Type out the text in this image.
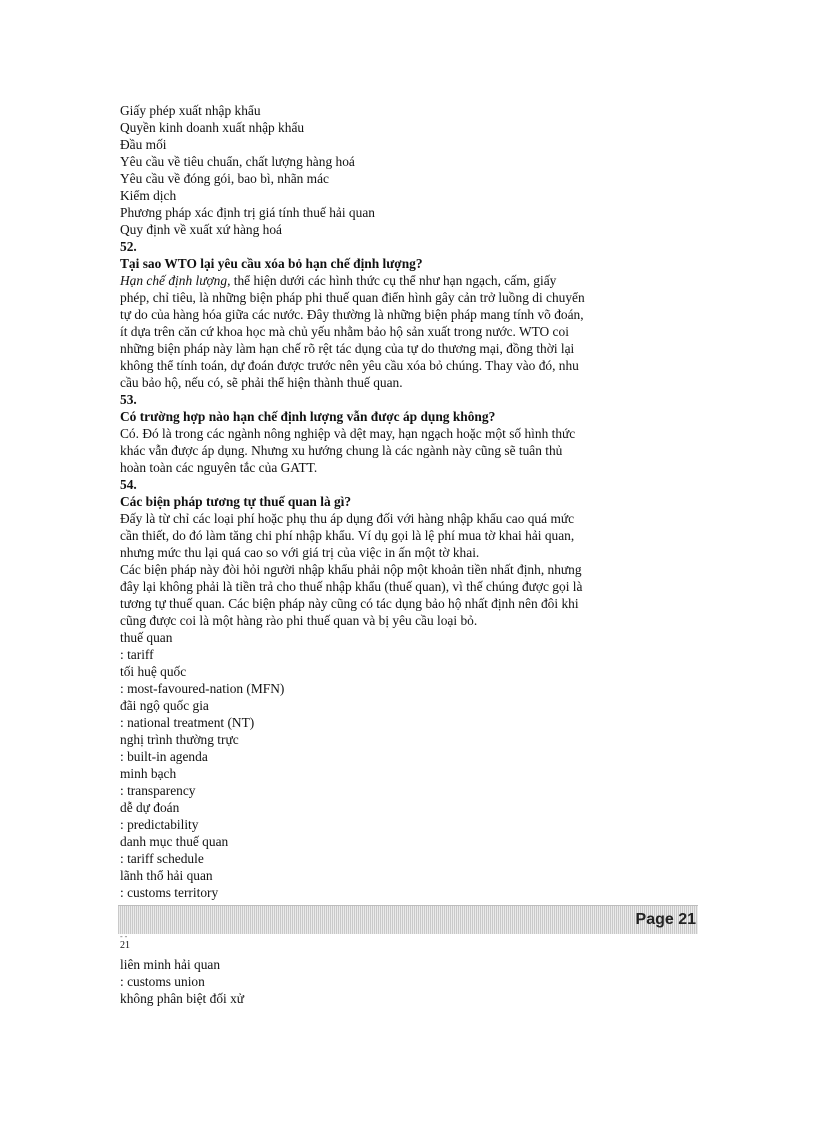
Giấy phép xuất nhập khẩu
Quyền kinh doanh xuất nhập khẩu
Đầu mối
Yêu cầu về tiêu chuẩn, chất lượng hàng hoá
Yêu cầu về đóng gói, bao bì, nhãn mác
Kiểm dịch
Phương pháp xác định trị giá tính thuế hải quan
Quy định về xuất xứ hàng hoá
52.
Tại sao WTO lại yêu cầu xóa bỏ hạn chế định lượng?
Hạn chế định lượng, thể hiện dưới các hình thức cụ thể như hạn ngạch, cấm, giấy
phép, chỉ tiêu, là những biện pháp phi thuế quan điển hình gây cản trở luồng di chuyển
tự do của hàng hóa giữa các nước. Đây thường là những biện pháp mang tính võ đoán,
ít dựa trên căn cứ khoa học mà chủ yếu nhằm bảo hộ sản xuất trong nước. WTO coi
những biện pháp này làm hạn chế rõ rệt tác dụng của tự do thương mại, đồng thời lại
không thể tính toán, dự đoán được trước nên yêu cầu xóa bỏ chúng. Thay vào đó, nhu
cầu bảo hộ, nếu có, sẽ phải thể hiện thành thuế quan.
53.
Có trường hợp nào hạn chế định lượng vẫn được áp dụng không?
Có. Đó là trong các ngành nông nghiệp và dệt may, hạn ngạch hoặc một số hình thức
khác vẫn được áp dụng. Nhưng xu hướng chung là các ngành này cũng sẽ tuân thủ
hoàn toàn các nguyên tắc của GATT.
54.
Các biện pháp tương tự thuế quan là gì?
Đấy là từ chỉ các loại phí hoặc phụ thu áp dụng đối với hàng nhập khẩu cao quá mức
cần thiết, do đó làm tăng chi phí nhập khẩu. Ví dụ gọi là lệ phí mua tờ khai hải quan,
nhưng mức thu lại quá cao so với giá trị của việc in ấn một tờ khai.
Các biện pháp này đòi hỏi người nhập khẩu phải nộp một khoản tiền nhất định, nhưng
đây lại không phải là tiền trả cho thuế nhập khẩu (thuế quan), vì thế chúng được gọi là
tương tự thuế quan. Các biện pháp này cũng có tác dụng bảo hộ nhất định nên đôi khi
cũng được coi là một hàng rào phi thuế quan và bị yêu cầu loại bỏ.
thuế quan
: tariff
tối huệ quốc
: most-favoured-nation (MFN)
đãi ngộ quốc gia
: national treatment (NT)
nghị trình thường trực
: built-in agenda
minh bạch
: transparency
dễ dự đoán
: predictability
danh mục thuế quan
: tariff schedule
lãnh thổ hải quan
: customs territory
Page 21
- -
21
liên minh hải quan
: customs union
không phân biệt đối xử
